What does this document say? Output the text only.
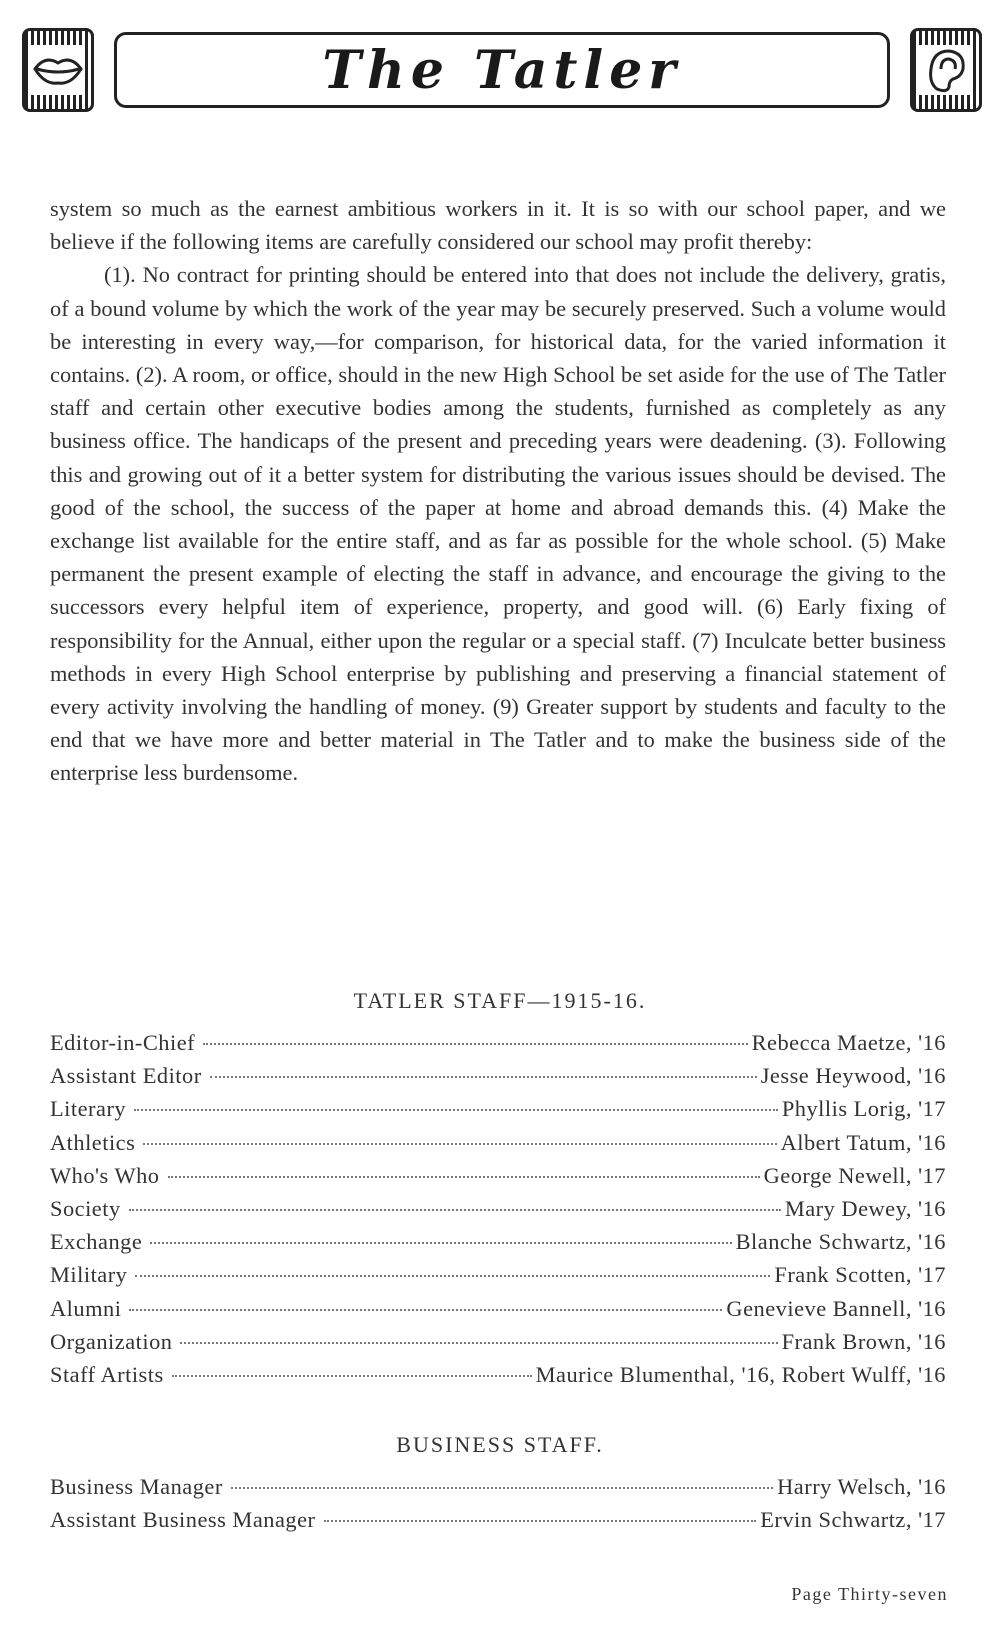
The Tatler

system so much as the earnest ambitious workers in it. It is so with our school paper, and we believe if the following items are carefully considered our school may profit thereby:

(1). No contract for printing should be entered into that does not include the delivery, gratis, of a bound volume by which the work of the year may be securely preserved. Such a volume would be interesting in every way,—for comparison, for historical data, for the varied information it contains. (2). A room, or office, should in the new High School be set aside for the use of The Tatler staff and certain other executive bodies among the students, furnished as completely as any business office. The handicaps of the present and preceding years were deadening. (3). Following this and growing out of it a better system for distributing the various issues should be devised. The good of the school, the success of the paper at home and abroad demands this. (4) Make the exchange list available for the entire staff, and as far as possible for the whole school. (5) Make permanent the present example of electing the staff in advance, and encourage the giving to the successors every helpful item of experience, property, and good will. (6) Early fixing of responsibility for the Annual, either upon the regular or a special staff. (7) Inculcate better business methods in every High School enterprise by publishing and preserving a financial statement of every activity involving the handling of money. (9) Greater support by students and faculty to the end that we have more and better material in The Tatler and to make the business side of the enterprise less burdensome.

TATLER STAFF—1915-16.
Editor-in-Chief	Rebecca Maetze, '16
Assistant Editor	Jesse Heywood, '16
Literary	Phyllis Lorig, '17
Athletics	Albert Tatum, '16
Who's Who	George Newell, '17
Society	Mary Dewey, '16
Exchange	Blanche Schwartz, '16
Military	Frank Scotten, '17
Alumni	Genevieve Bannell, '16
Organization	Frank Brown, '16
Staff Artists	Maurice Blumenthal, '16, Robert Wulff, '16
BUSINESS STAFF.
Business Manager	Harry Welsch, '16
Assistant Business Manager	Ervin Schwartz, '17
Page Thirty-seven
